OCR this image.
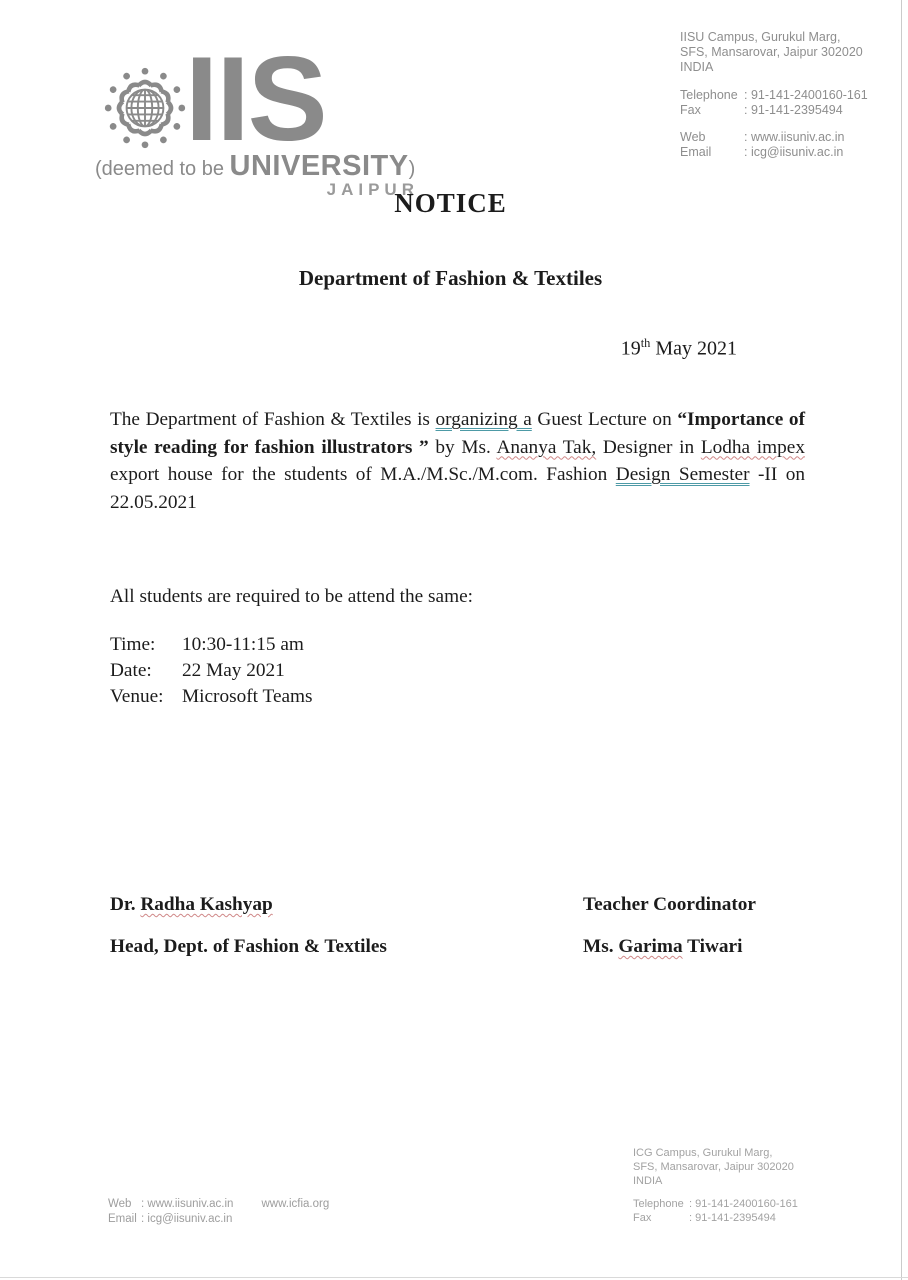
IIS
(deemed to be UNIVERSITY)
JAIPUR
IISU Campus, Gurukul Marg,
SFS, Mansarovar, Jaipur 302020
INDIA
Telephone : 91-141-2400160-161
Fax	: 91-141-2395494
Web	: www.iisuniv.ac.in
Email	: icg@iisuniv.ac.in
NOTICE
Department of Fashion & Textiles
19th May 2021
The Department of Fashion & Textiles is organizing a Guest Lecture on “Importance of style reading for fashion illustrators ” by Ms. Ananya Tak, Designer in Lodha impex export house for the students of M.A./M.Sc./M.com. Fashion Design Semester -II on 22.05.2021
All students are required to be attend the same:
Time:	10:30-11:15 am
Date:	22 May 2021
Venue: Microsoft Teams
Dr. Radha Kashyap	Teacher Coordinator
Head, Dept. of Fashion & Textiles	Ms. Garima Tiwari
ICG Campus, Gurukul Marg,
SFS, Mansarovar, Jaipur 302020
INDIA
Telephone : 91-141-2400160-161
Fax	: 91-141-2395494
Web : www.iisuniv.ac.in www.icfia.org
Email : icg@iisuniv.ac.in
